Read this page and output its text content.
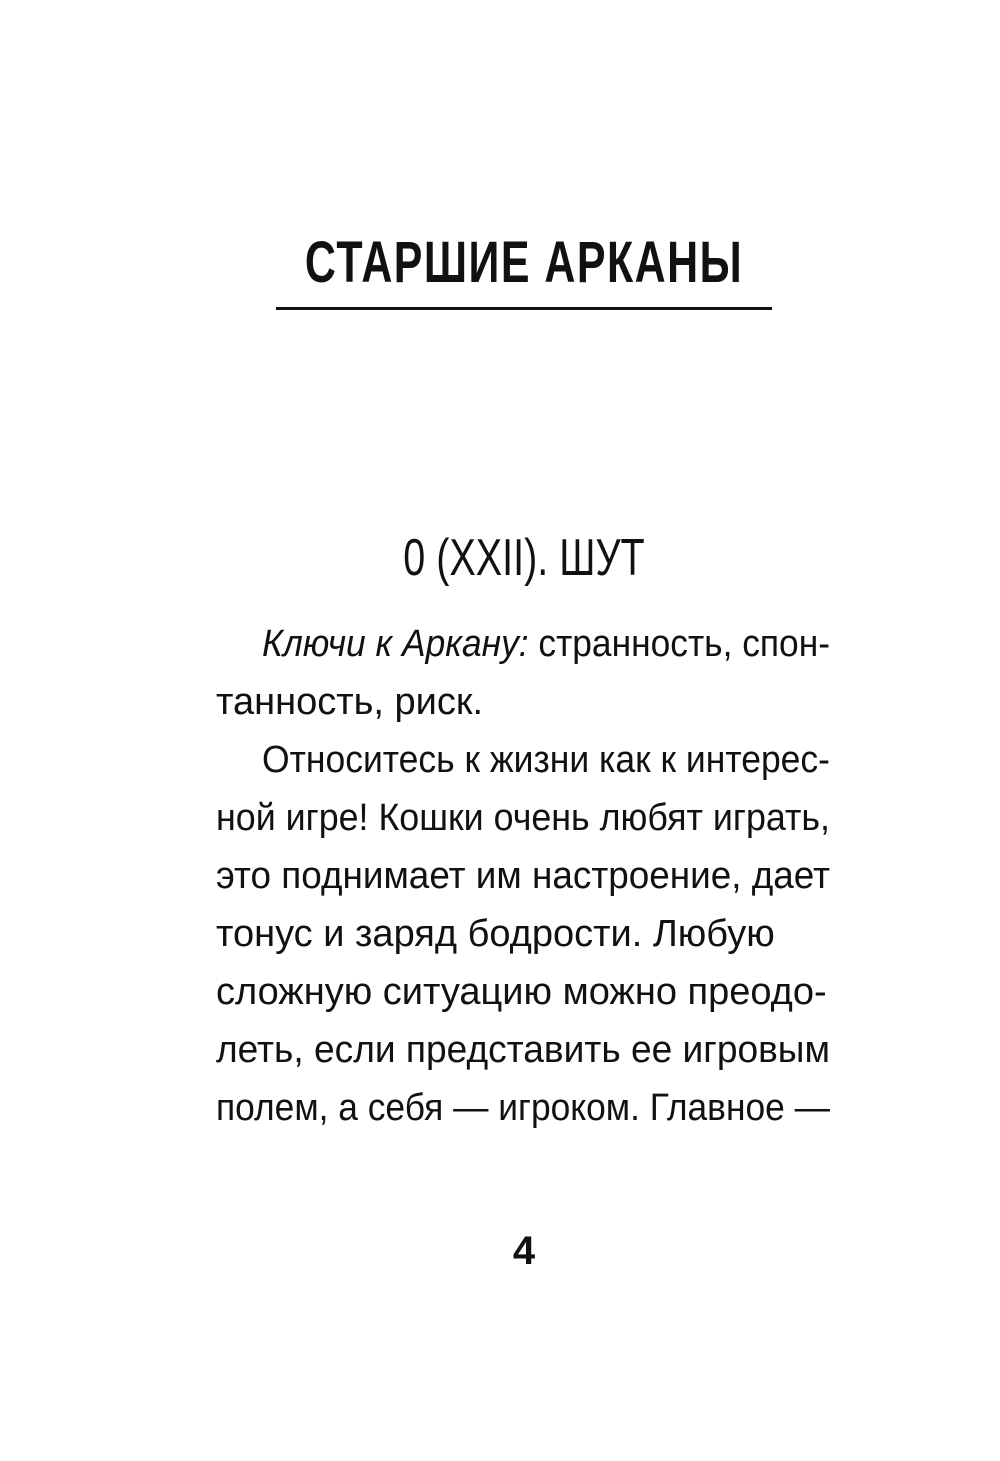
СТАРШИЕ АРКАНЫ
0 (XXII). ШУТ
Ключи к Аркану: странность, спон-
танность, риск.
Относитесь к жизни как к интерес-
ной игре! Кошки очень любят играть,
это поднимает им настроение, дает
тонус и заряд бодрости. Любую
сложную ситуацию можно преодо-
леть, если представить ее игровым
полем, а себя — игроком. Главное —
4
